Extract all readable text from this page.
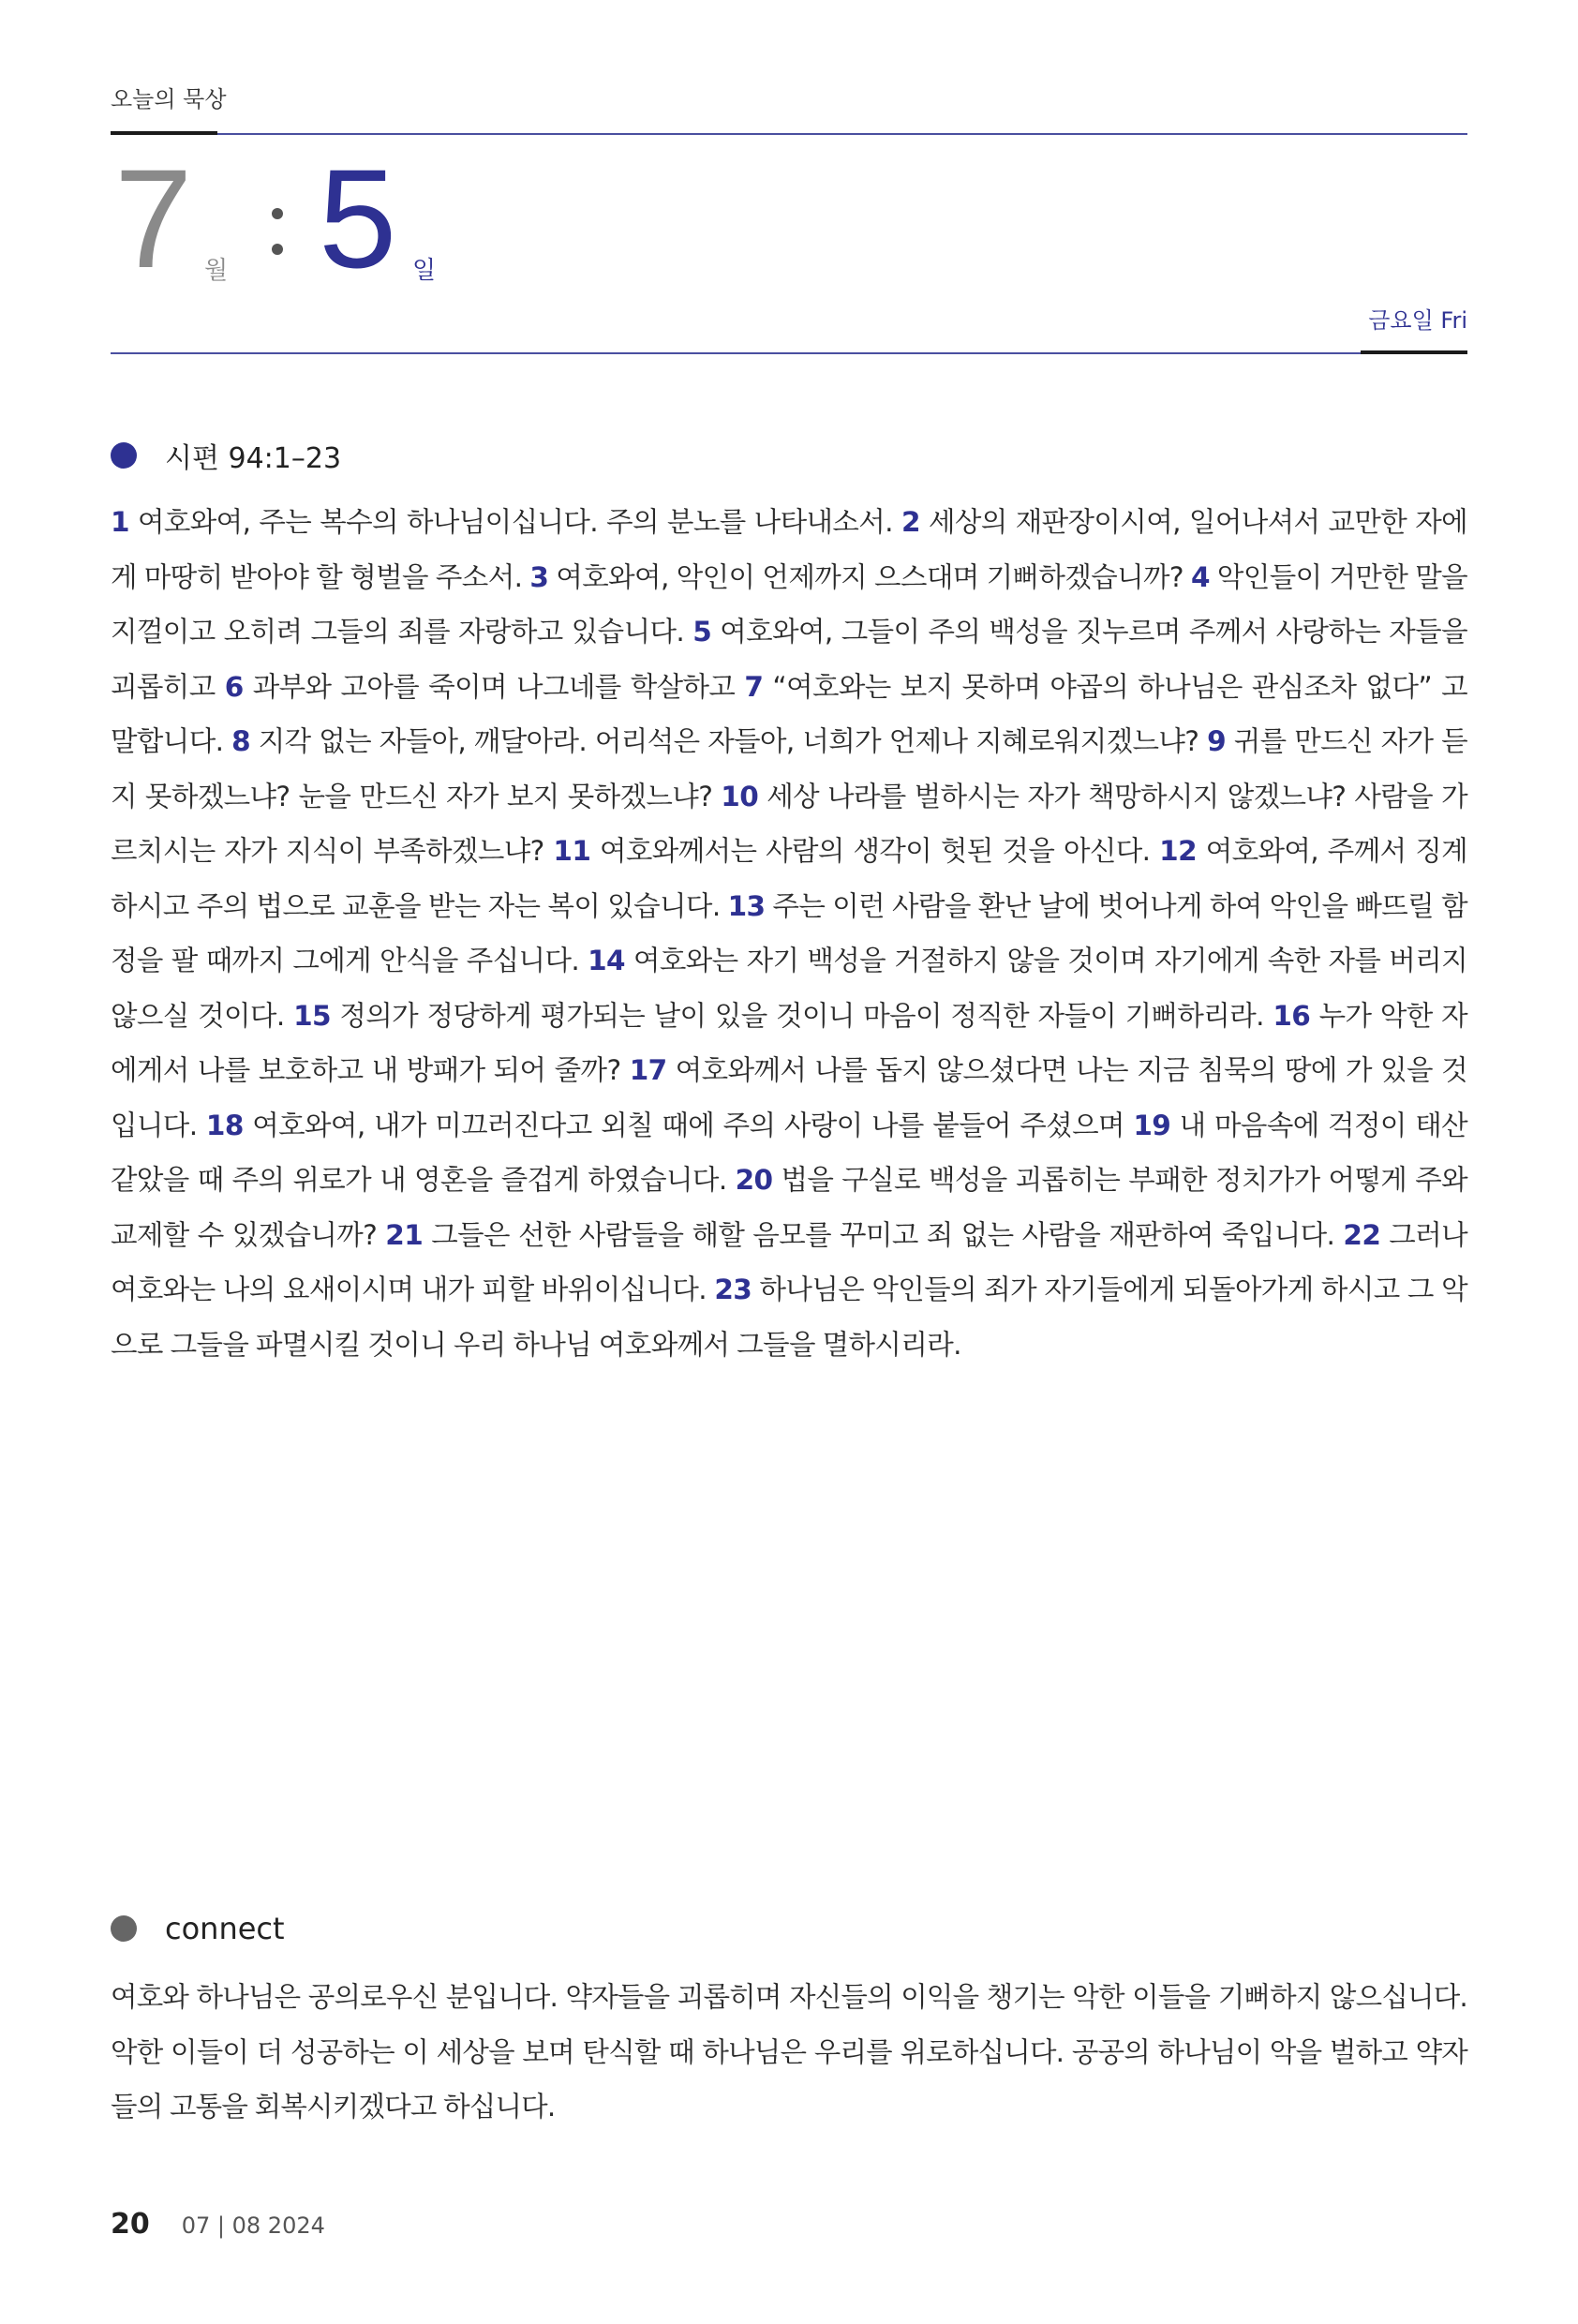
오늘의 묵상
7 월 5 일
금요일 Fri
시편 94:1–23
1 여호와여, 주는 복수의 하나님이십니다. 주의 분노를 나타내소서. 2 세상의 재판장이시여, 일어나셔서 교만한 자에게 마땅히 받아야 할 형벌을 주소서. 3 여호와여, 악인이 언제까지 으스대며 기뻐하겠습니까? 4 악인들이 거만한 말을 지껄이고 오히려 그들의 죄를 자랑하고 있습니다. 5 여호와여, 그들이 주의 백성을 짓누르며 주께서 사랑하는 자들을 괴롭히고 6 과부와 고아를 죽이며 나그네를 학살하고 7 “여호와는 보지 못하며 야곱의 하나님은 관심조차 없다” 고 말합니다. 8 지각 없는 자들아, 깨달아라. 어리석은 자들아, 너희가 언제나 지혜로워지겠느냐? 9 귀를 만드신 자가 듣지 못하겠느냐? 눈을 만드신 자가 보지 못하겠느냐? 10 세상 나라를 벌하시는 자가 책망하시지 않겠느냐? 사람을 가르치시는 자가 지식이 부족하겠느냐? 11 여호와께서는 사람의 생각이 헛된 것을 아신다. 12 여호와여, 주께서 징계하시고 주의 법으로 교훈을 받는 자는 복이 있습니다. 13 주는 이런 사람을 환난 날에 벗어나게 하여 악인을 빠뜨릴 함정을 팔 때까지 그에게 안식을 주십니다. 14 여호와는 자기 백성을 거절하지 않을 것이며 자기에게 속한 자를 버리지 않으실 것이다. 15 정의가 정당하게 평가되는 날이 있을 것이니 마음이 정직한 자들이 기뻐하리라. 16 누가 악한 자에게서 나를 보호하고 내 방패가 되어 줄까? 17 여호와께서 나를 돕지 않으셨다면 나는 지금 침묵의 땅에 가 있을 것입니다. 18 여호와여, 내가 미끄러진다고 외칠 때에 주의 사랑이 나를 붙들어 주셨으며 19 내 마음속에 걱정이 태산 같았을 때 주의 위로가 내 영혼을 즐겁게 하였습니다. 20 법을 구실로 백성을 괴롭히는 부패한 정치가가 어떻게 주와 교제할 수 있겠습니까? 21 그들은 선한 사람들을 해할 음모를 꾸미고 죄 없는 사람을 재판하여 죽입니다. 22 그러나 여호와는 나의 요새이시며 내가 피할 바위이십니다. 23 하나님은 악인들의 죄가 자기들에게 되돌아가게 하시고 그 악으로 그들을 파멸시킬 것이니 우리 하나님 여호와께서 그들을 멸하시리라.
connect
여호와 하나님은 공의로우신 분입니다. 약자들을 괴롭히며 자신들의 이익을 챙기는 악한 이들을 기뻐하지 않으십니다. 악한 이들이 더 성공하는 이 세상을 보며 탄식할 때 하나님은 우리를 위로하십니다. 공공의 하나님이 악을 벌하고 약자들의 고통을 회복시키겠다고 하십니다.
20 07 | 08 2024
